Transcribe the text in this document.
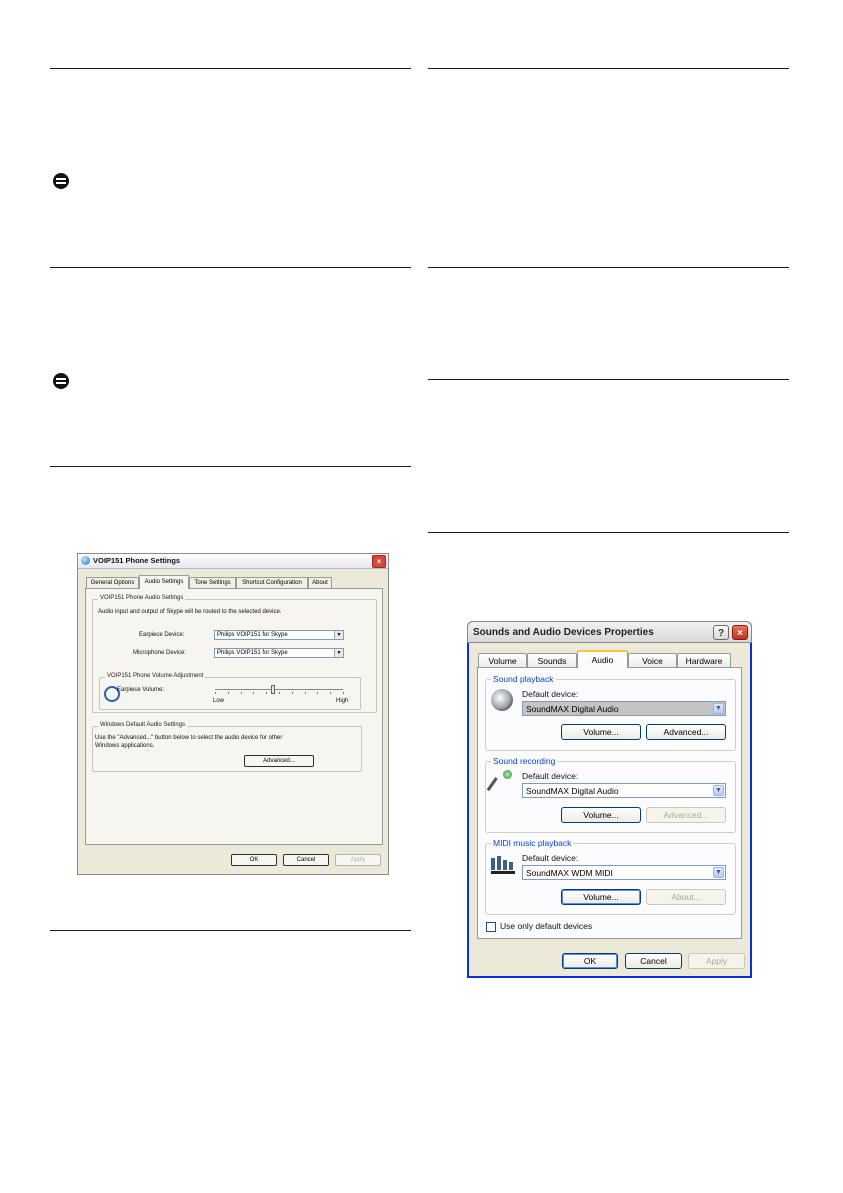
VOIP151 Phone Settings	×
General Options	Audio Settings	Tone Settings	Shortcut Configuration	About
VOIP151 Phone Audio Settings
Audio input and output of Skype will be routed to the selected device.
Earpiece Device:	Philips VOIP151 for Skype	▼
Microphone Device:	Philips VOIP151 for Skype	▼
VOIP151 Phone Volume Adjustment
Earpiece Volume:
Low	High
Windows Default Audio Settings
Use the "Advanced..." button below to select the audio device for other
Windows applications.
Advanced...
OK	Cancel	Apply
Sounds and Audio Devices Properties	?	×
Volume	Sounds	Audio	Voice	Hardware
Sound playback
Default device:
SoundMAX Digital Audio	▼
Volume...	Advanced...
Sound recording
Default device:
SoundMAX Digital Audio	▼
Volume...	Advanced...
MIDI music playback
Default device:
SoundMAX WDM MIDI	▼
Volume...	About...
Use only default devices
OK	Cancel	Apply
